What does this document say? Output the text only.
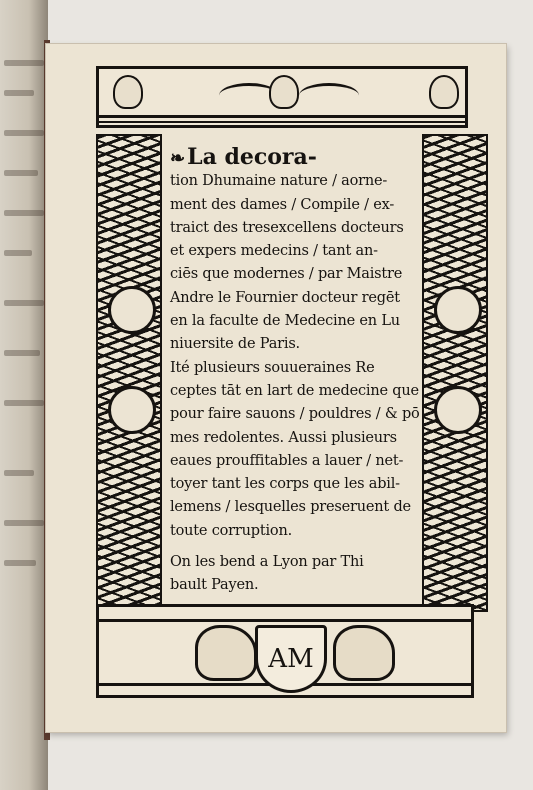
❧La decora-
tion Dhumaine nature / aorne-
ment des dames / Compile / ex-
traict des tresexcellens docteurs
et expers medecins / tant an-
ciēs que modernes / par Maistre
Andre le Fournier docteur regēt
en la faculte de Medecine en Lu
niuersite de Paris.
Ité plusieurs souueraines Re
ceptes tāt en lart de medecine que
pour faire sauons / pouldres / & pō
mes redolentes. Aussi plusieurs
eaues prouffitables a lauer / net-
toyer tant les corps que les abil-
lemens / lesquelles preseruent de
toute corruption.
On les bend a Lyon par Thi
bault Payen.
AM
